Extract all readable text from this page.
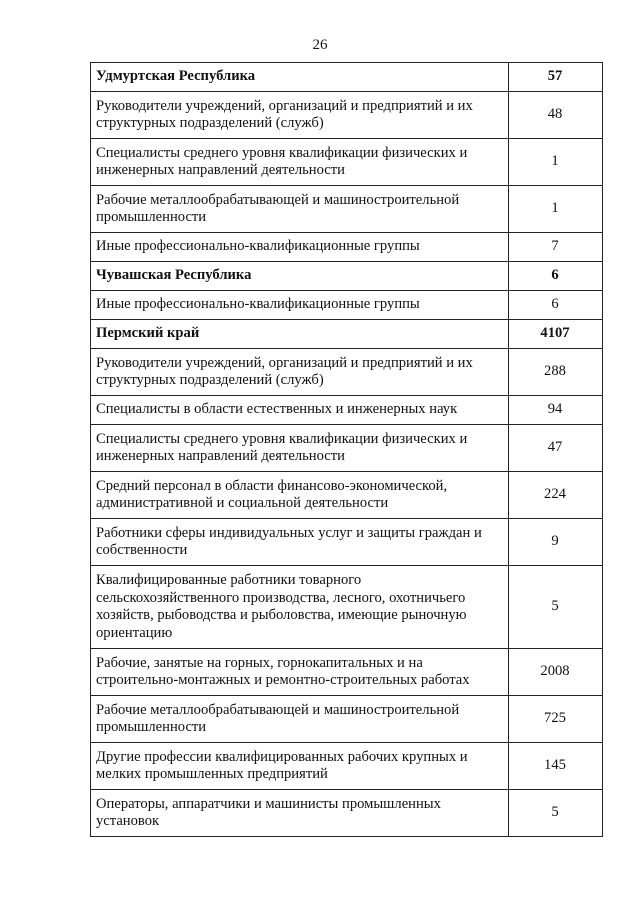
26
Удмуртская Республика	57
Руководители учреждений, организаций и предприятий и их структурных подразделений (служб)	48
Специалисты среднего уровня квалификации физических и инженерных направлений деятельности	1
Рабочие металлообрабатывающей и машиностроительной промышленности	1
Иные профессионально-квалификационные группы	7
Чувашская Республика	6
Иные профессионально-квалификационные группы	6
Пермский край	4107
Руководители учреждений, организаций и предприятий и их структурных подразделений (служб)	288
Специалисты в области естественных и инженерных наук	94
Специалисты среднего уровня квалификации физических и инженерных направлений деятельности	47
Средний персонал в области финансово-экономической, административной и социальной деятельности	224
Работники сферы индивидуальных услуг и защиты граждан и собственности	9
Квалифицированные работники товарного сельскохозяйственного производства, лесного, охотничьего хозяйств, рыбоводства и рыболовства, имеющие рыночную ориентацию	5
Рабочие, занятые на горных, горнокапитальных и на строительно-монтажных и ремонтно-строительных работах	2008
Рабочие металлообрабатывающей и машиностроительной промышленности	725
Другие профессии квалифицированных рабочих крупных и мелких промышленных предприятий	145
Операторы, аппаратчики и машинисты промышленных установок	5
